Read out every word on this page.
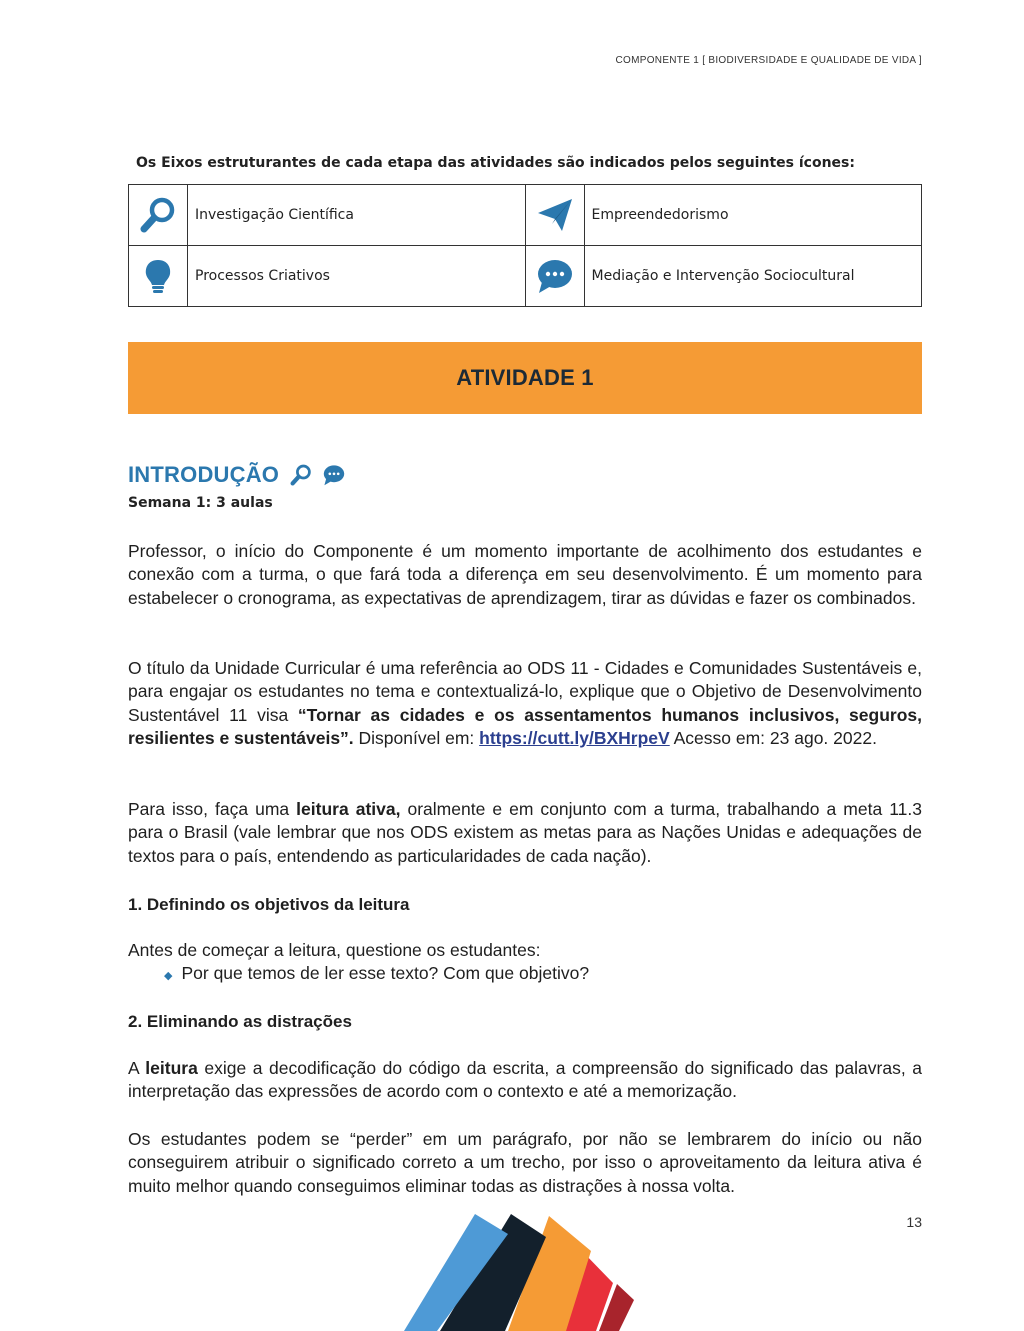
COMPONENTE 1 [ BIODIVERSIDADE E QUALIDADE DE VIDA ]
Os Eixos estruturantes de cada etapa das atividades são indicados pelos seguintes ícones:
	Investigação Científica		Empreendedorismo

	Processos Criativos		Mediação e Intervenção Sociocultural
ATIVIDADE 1
INTRODUÇÃO
Semana 1: 3 aulas

Professor, o início do Componente é um momento importante de acolhimento dos estudantes e conexão com a turma, o que fará toda a diferença em seu desenvolvimento. É um momento para estabelecer o cronograma, as expectativas de aprendizagem, tirar as dúvidas e fazer os combinados.

O título da Unidade Curricular é uma referência ao ODS 11 - Cidades e Comunidades Sustentáveis e, para engajar os estudantes no tema e contextualizá-lo, explique que o Objetivo de Desenvolvimento Sustentável 11 visa “Tornar as cidades e os assentamentos humanos inclusivos, seguros, resilientes e sustentáveis”. Disponível em: https://cutt.ly/BXHrpeV Acesso em: 23 ago. 2022.

Para isso, faça uma leitura ativa, oralmente e em conjunto com a turma, trabalhando a meta 11.3 para o Brasil (vale lembrar que nos ODS existem as metas para as Nações Unidas e adequações de textos para o país, entendendo as particularidades de cada nação).

1. Definindo os objetivos da leitura

Antes de começar a leitura, questione os estudantes:

◆ Por que temos de ler esse texto? Com que objetivo?
2. Eliminando as distrações

A leitura exige a decodificação do código da escrita, a compreensão do significado das palavras, a interpretação das expressões de acordo com o contexto e até a memorização.

Os estudantes podem se “perder” em um parágrafo, por não se lembrarem do início ou não conseguirem atribuir o significado correto a um trecho, por isso o aproveitamento da leitura ativa é muito melhor quando conseguimos eliminar todas as distrações à nossa volta.

13
